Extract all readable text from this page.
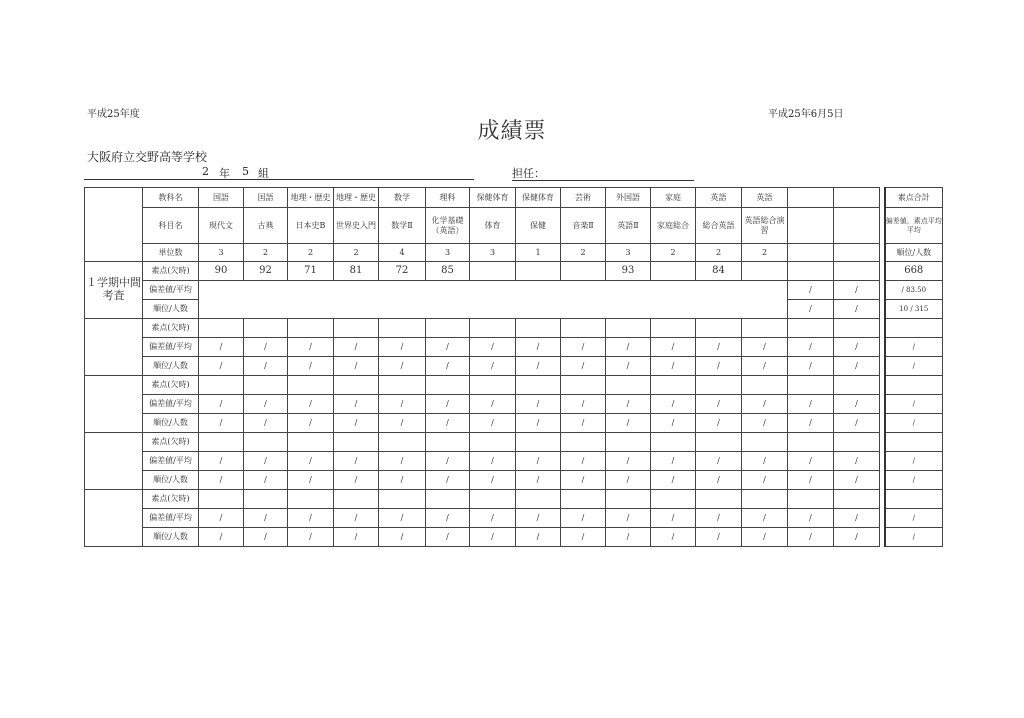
平成25年度	平成25年6月5日
成績票
大阪府立交野高等学校
2 年 5 組	担任：
	教科名	国語	国語	地理・歴史	地理・歴史	数学	理科	保健体育	保健体育	芸術	外国語	家庭	英語	英語				素点合計
	科目名	現代文	古典	日本史B	世界史入門	数学Ⅱ	化学基礎（英語）	体育	保健	音楽Ⅱ	英語Ⅱ	家庭総合	総合英語	英語総合演習				偏差値，素点平均　平均
	単位数	3	2	2	2	4	3	3	1	2	3	2	2	2				順位/人数
１学期中間考査	素点(欠時)	90	92	71	81	72	85				93		84					668
	偏差値/平均														/	/		/ 83.50
	順位/人数														/	/		10 / 315
	素点(欠時)																	
	偏差値/平均	/	/	/	/	/	/	/	/	/	/	/	/	/	/	/		/
	順位/人数	/	/	/	/	/	/	/	/	/	/	/	/	/	/	/		/
	素点(欠時)																	
	偏差値/平均	/	/	/	/	/	/	/	/	/	/	/	/	/	/	/		/
	順位/人数	/	/	/	/	/	/	/	/	/	/	/	/	/	/	/		/
	素点(欠時)																	
	偏差値/平均	/	/	/	/	/	/	/	/	/	/	/	/	/	/	/		/
	順位/人数	/	/	/	/	/	/	/	/	/	/	/	/	/	/	/		/
	素点(欠時)																	
	偏差値/平均	/	/	/	/	/	/	/	/	/	/	/	/	/	/	/		/
	順位/人数	/	/	/	/	/	/	/	/	/	/	/	/	/	/	/		/
